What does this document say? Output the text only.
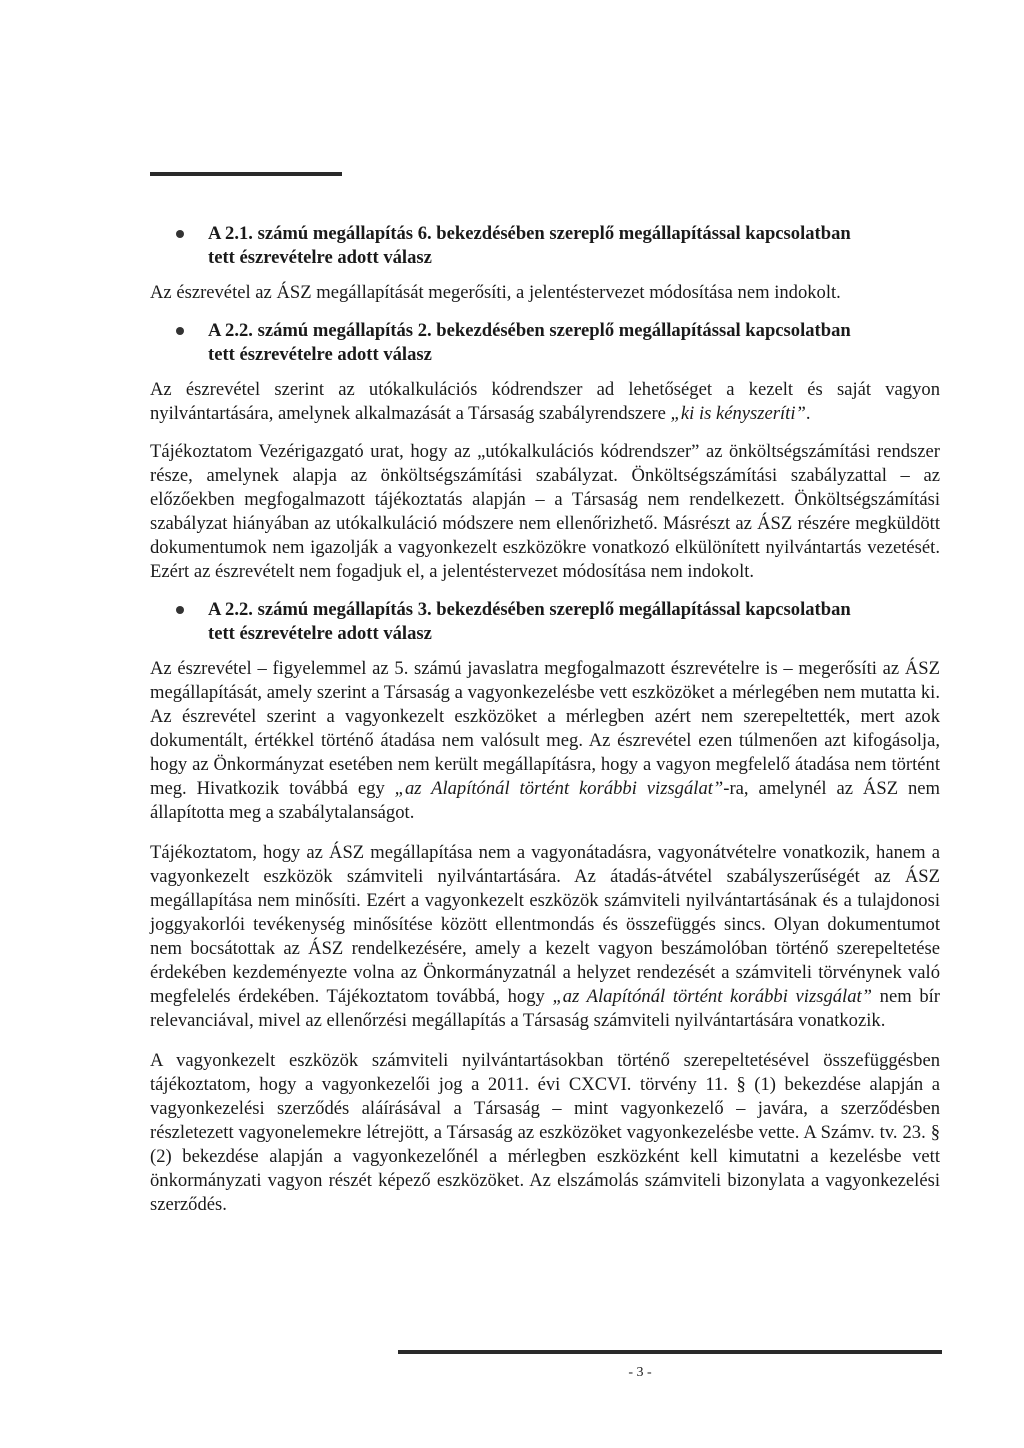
A 2.1. számú megállapítás 6. bekezdésében szereplő megállapítással kapcsolatban
tett észrevételre adott válasz

Az észrevétel az ÁSZ megállapítását megerősíti, a jelentéstervezet módosítása nem indokolt.

A 2.2. számú megállapítás 2. bekezdésében szereplő megállapítással kapcsolatban
tett észrevételre adott válasz

Az észrevétel szerint az utókalkulációs kódrendszer ad lehetőséget a kezelt és saját vagyon nyilvántartására, amelynek alkalmazását a Társaság szabályrendszere „ki is kényszeríti”.

Tájékoztatom Vezérigazgató urat, hogy az „utókalkulációs kódrendszer” az önköltségszámítási rendszer része, amelynek alapja az önköltségszámítási szabályzat. Önköltségszámítási szabályzattal – az előzőekben megfogalmazott tájékoztatás alapján – a Társaság nem rendelkezett. Önköltségszámítási szabályzat hiányában az utókalkuláció módszere nem ellenőrizhető. Másrészt az ÁSZ részére megküldött dokumentumok nem igazolják a vagyonkezelt eszközökre vonatkozó elkülönített nyilvántartás vezetését. Ezért az észrevételt nem fogadjuk el, a jelentéstervezet módosítása nem indokolt.

A 2.2. számú megállapítás 3. bekezdésében szereplő megállapítással kapcsolatban
tett észrevételre adott válasz

Az észrevétel – figyelemmel az 5. számú javaslatra megfogalmazott észrevételre is – megerősíti az ÁSZ megállapítását, amely szerint a Társaság a vagyonkezelésbe vett eszközöket a mérlegében nem mutatta ki. Az észrevétel szerint a vagyonkezelt eszközöket a mérlegben azért nem szerepeltették, mert azok dokumentált, értékkel történő átadása nem valósult meg. Az észrevétel ezen túlmenően azt kifogásolja, hogy az Önkormányzat esetében nem került megállapításra, hogy a vagyon megfelelő átadása nem történt meg. Hivatkozik továbbá egy „az Alapítónál történt korábbi vizsgálat”-ra, amelynél az ÁSZ nem állapította meg a szabálytalanságot.

Tájékoztatom, hogy az ÁSZ megállapítása nem a vagyonátadásra, vagyonátvételre vonatkozik, hanem a vagyonkezelt eszközök számviteli nyilvántartására. Az átadás-átvétel szabályszerűségét az ÁSZ megállapítása nem minősíti. Ezért a vagyonkezelt eszközök számviteli nyilvántartásának és a tulajdonosi joggyakorlói tevékenység minősítése között ellentmondás és összefüggés sincs. Olyan dokumentumot nem bocsátottak az ÁSZ rendelkezésére, amely a kezelt vagyon beszámolóban történő szerepeltetése érdekében kezdeményezte volna az Önkormányzatnál a helyzet rendezését a számviteli törvénynek való megfelelés érdekében. Tájékoztatom továbbá, hogy „az Alapítónál történt korábbi vizsgálat” nem bír relevanciával, mivel az ellenőrzési megállapítás a Társaság számviteli nyilvántartására vonatkozik.

A vagyonkezelt eszközök számviteli nyilvántartásokban történő szerepeltetésével összefüggésben tájékoztatom, hogy a vagyonkezelői jog a 2011. évi CXCVI. törvény 11. § (1) bekezdése alapján a vagyonkezelési szerződés aláírásával a Társaság – mint vagyonkezelő – javára, a szerződésben részletezett vagyonelemekre létrejött, a Társaság az eszközöket vagyonkezelésbe vette. A Számv. tv. 23. § (2) bekezdése alapján a vagyonkezelőnél a mérlegben eszközként kell kimutatni a kezelésbe vett önkormányzati vagyon részét képező eszközöket. Az elszámolás számviteli bizonylata a vagyonkezelési szerződés.

- 3 -
